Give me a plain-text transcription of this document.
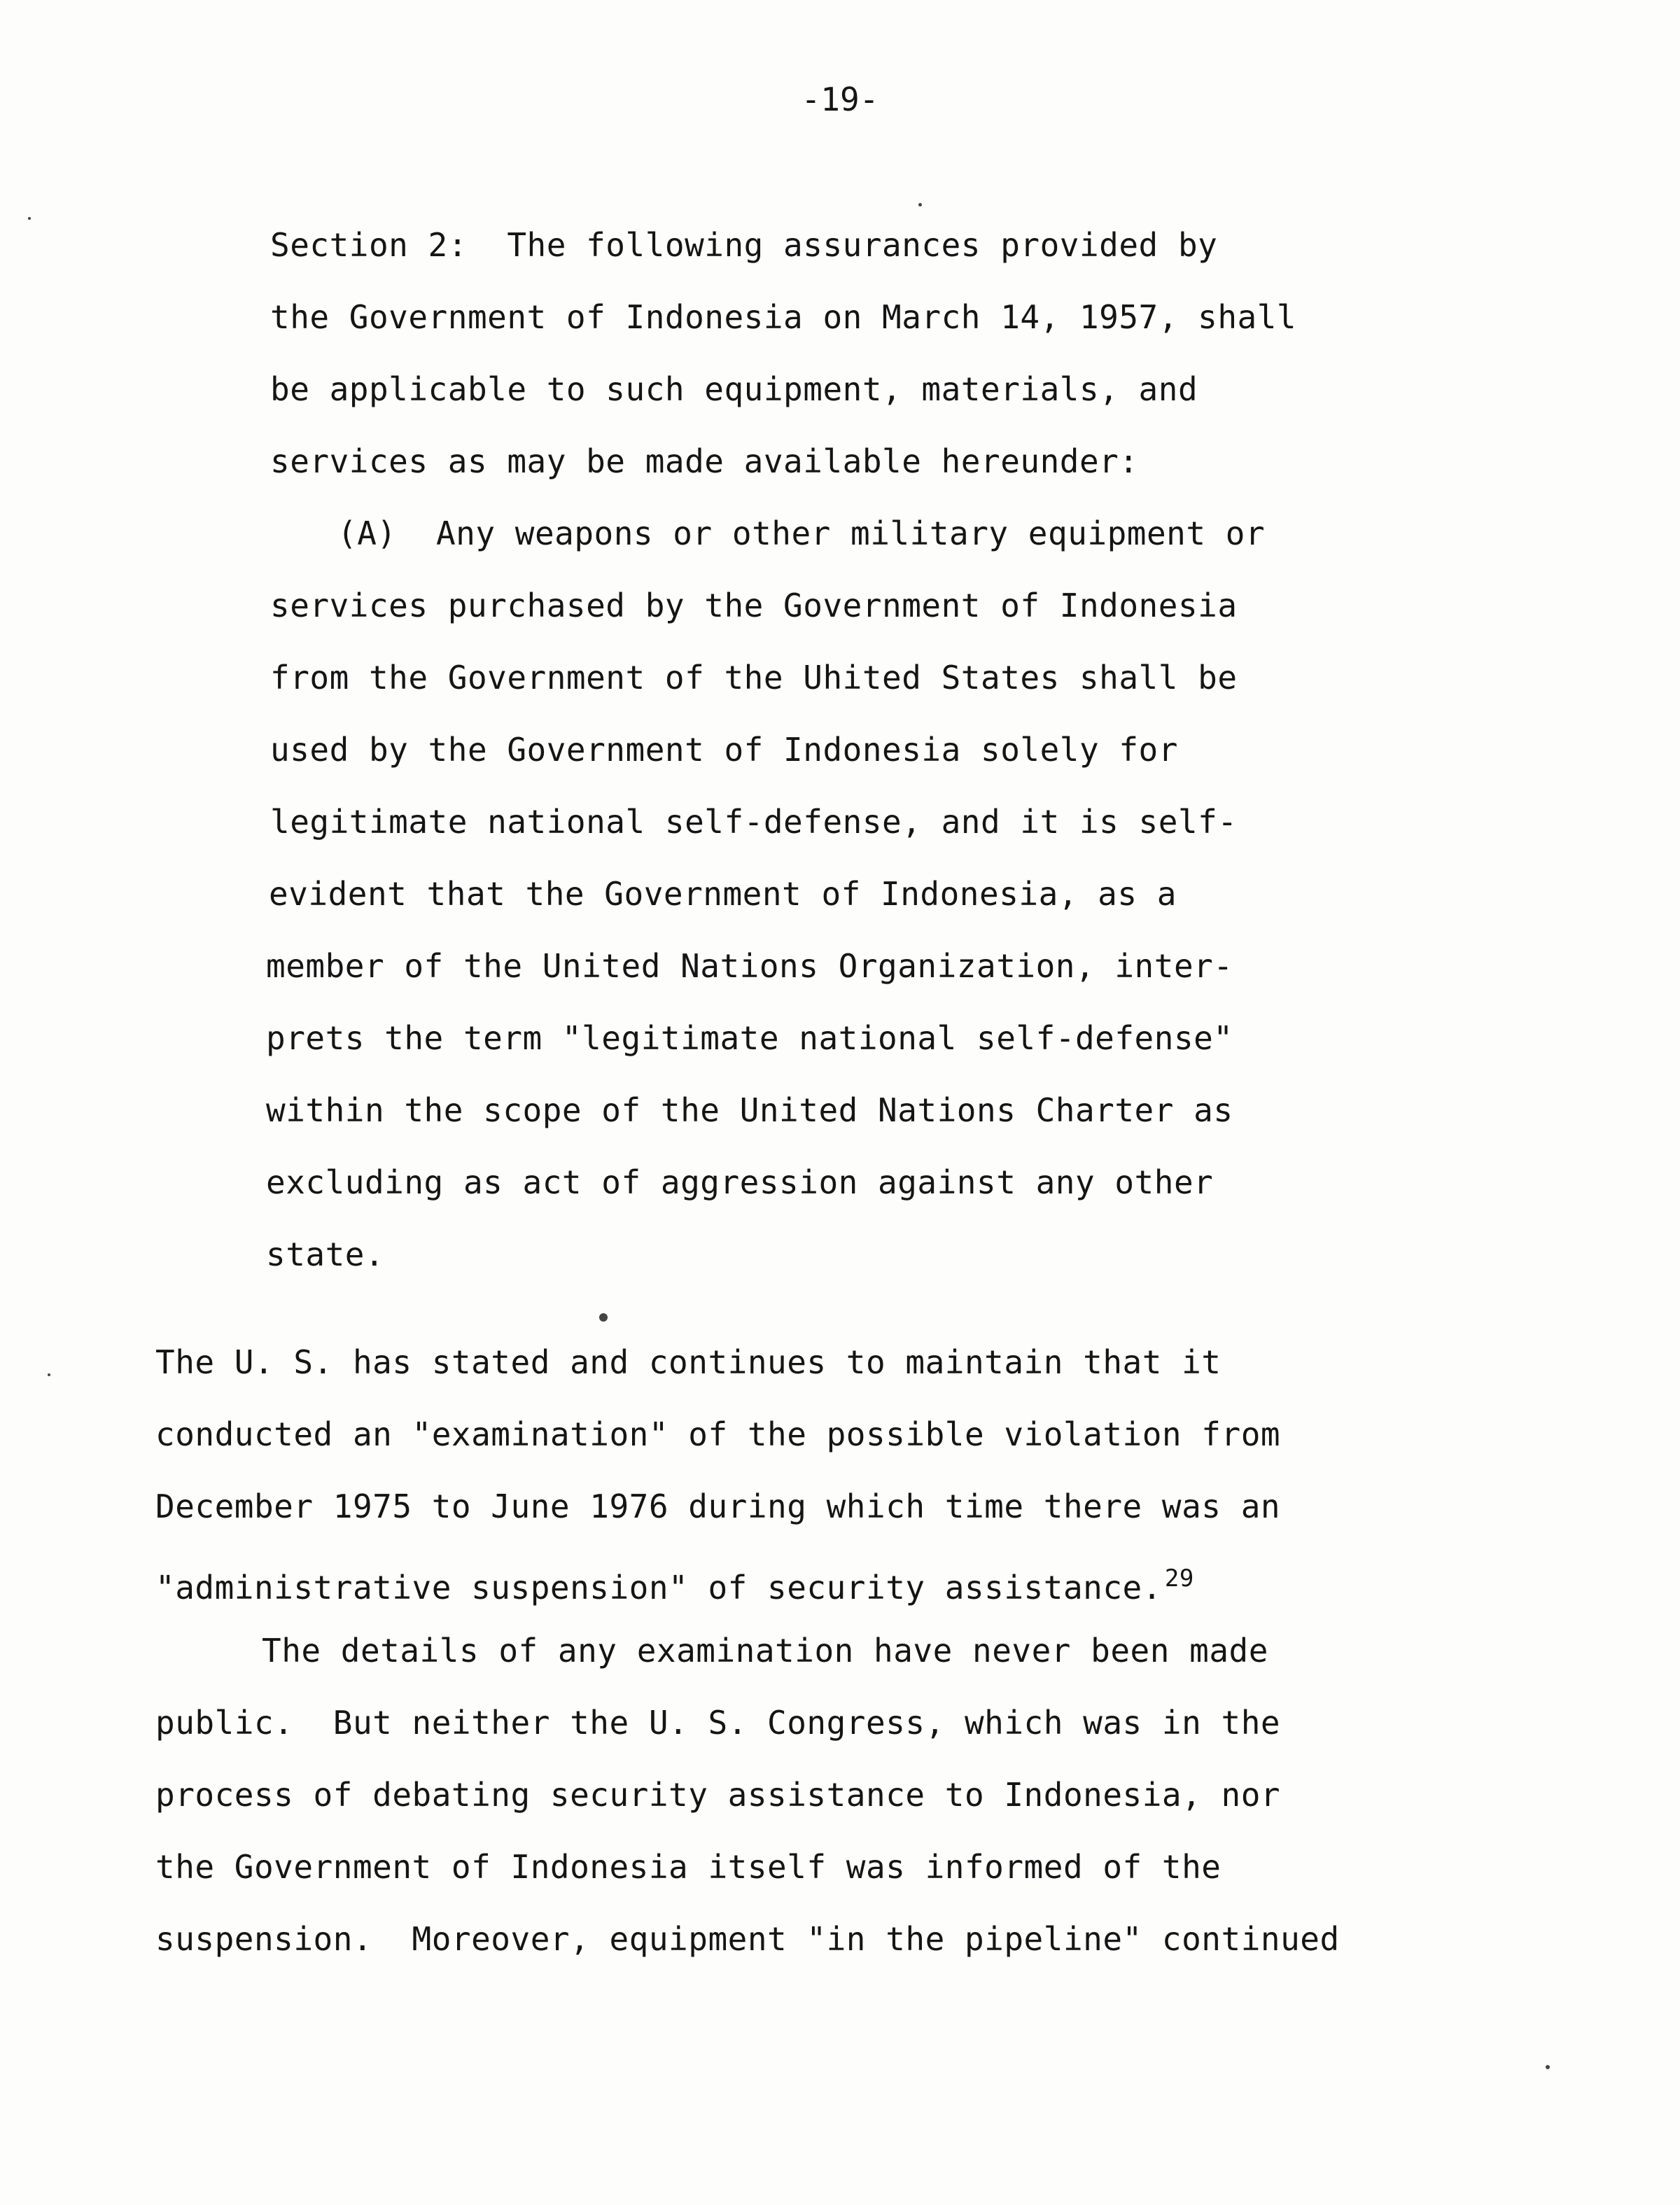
-19-
Section 2:  The following assurances provided by
the Government of Indonesia on March 14, 1957, shall
be applicable to such equipment, materials, and
services as may be made available hereunder:
(A)  Any weapons or other military equipment or
services purchased by the Government of Indonesia
from the Government of the Uhited States shall be
used by the Government of Indonesia solely for
legitimate national self-defense, and it is self-
evident that the Government of Indonesia, as a
member of the United Nations Organization, inter-
prets the term "legitimate national self-defense"
within the scope of the United Nations Charter as
excluding as act of aggression against any other
state.
The U. S. has stated and continues to maintain that it
conducted an "examination" of the possible violation from
December 1975 to June 1976 during which time there was an
"administrative suspension" of security assistance. $^{29}$
The details of any examination have never been made
public.  But neither the U. S. Congress, which was in the
process of debating security assistance to Indonesia, nor
the Government of Indonesia itself was informed of the
suspension.  Moreover, equipment "in the pipeline" continued
